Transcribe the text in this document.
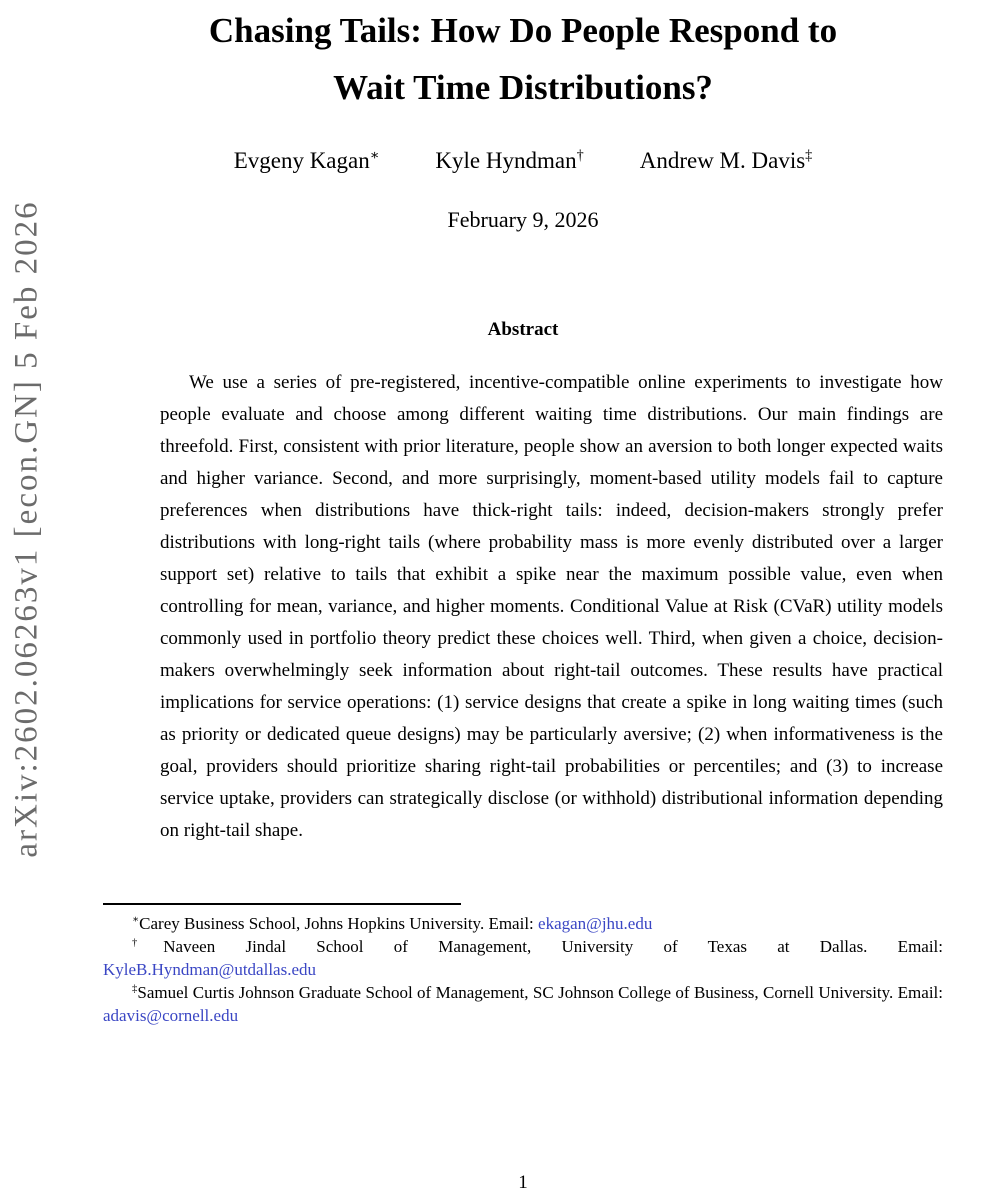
arXiv:2602.06263v1 [econ.GN] 5 Feb 2026
Chasing Tails: How Do People Respond to
Wait Time Distributions?
Evgeny Kagan∗ Kyle Hyndman† Andrew M. Davis‡
February 9, 2026
Abstract

We use a series of pre-registered, incentive-compatible online experiments to investigate how people evaluate and choose among different waiting time distributions. Our main findings are threefold. First, consistent with prior literature, people show an aversion to both longer expected waits and higher variance. Second, and more surprisingly, moment-based utility models fail to capture preferences when distributions have thick-right tails: indeed, decision-makers strongly prefer distributions with long-right tails (where probability mass is more evenly distributed over a larger support set) relative to tails that exhibit a spike near the maximum possible value, even when controlling for mean, variance, and higher moments. Conditional Value at Risk (CVaR) utility models commonly used in portfolio theory predict these choices well. Third, when given a choice, decision-makers overwhelmingly seek information about right-tail outcomes. These results have practical implications for service operations: (1) service designs that create a spike in long waiting times (such as priority or dedicated queue designs) may be particularly aversive; (2) when informativeness is the goal, providers should prioritize sharing right-tail probabilities or percentiles; and (3) to increase service uptake, providers can strategically disclose (or withhold) distributional information depending on right-tail shape.

∗Carey Business School, Johns Hopkins University. Email: ekagan@jhu.edu
†Naveen Jindal School of Management, University of Texas at Dallas. Email:
KyleB.Hyndman@utdallas.edu
‡Samuel Curtis Johnson Graduate School of Management, SC Johnson College of Business, Cornell University. Email: adavis@cornell.edu
1
